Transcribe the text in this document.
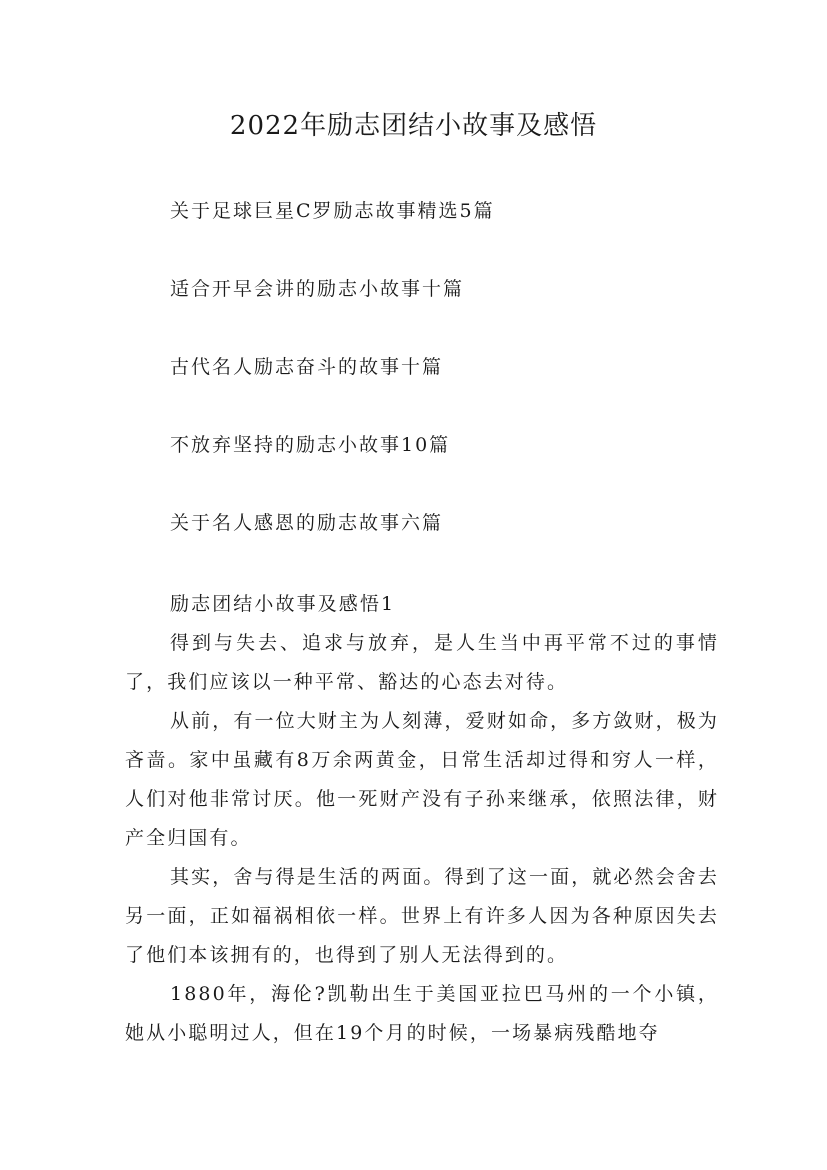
2022年励志团结小故事及感悟
关于足球巨星C罗励志故事精选5篇
适合开早会讲的励志小故事十篇
古代名人励志奋斗的故事十篇
不放弃坚持的励志小故事10篇
关于名人感恩的励志故事六篇
励志团结小故事及感悟1

得到与失去、追求与放弃，是人生当中再平常不过的事情了，我们应该以一种平常、豁达的心态去对待。

从前，有一位大财主为人刻薄，爱财如命，多方敛财，极为吝啬。家中虽藏有8万余两黄金，日常生活却过得和穷人一样，人们对他非常讨厌。他一死财产没有子孙来继承，依照法律，财产全归国有。

其实，舍与得是生活的两面。得到了这一面，就必然会舍去另一面，正如福祸相依一样。世界上有许多人因为各种原因失去了他们本该拥有的，也得到了别人无法得到的。

1880年，海伦?凯勒出生于美国亚拉巴马州的一个小镇，她从小聪明过人，但在19个月的时候，一场暴病残酷地夺
